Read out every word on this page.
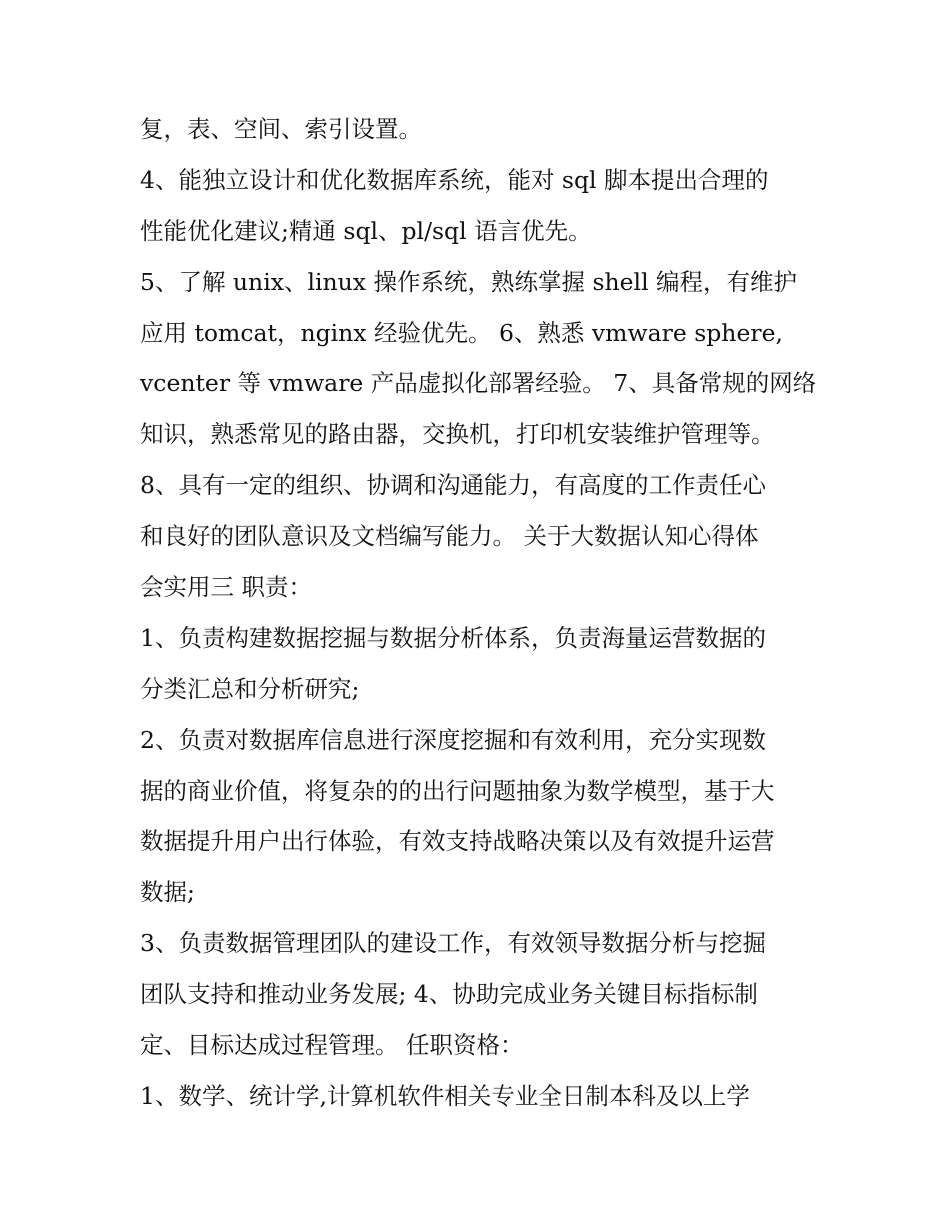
复，表、空间、索引设置。
4、能独立设计和优化数据库系统，能对 sql 脚本提出合理的
性能优化建议;精通 sql、pl/sql 语言优先。
5、了解 unix、linux 操作系统，熟练掌握 shell 编程，有维护
应用 tomcat，nginx 经验优先。 6、熟悉 vmware sphere,
vcenter 等 vmware 产品虚拟化部署经验。 7、具备常规的网络
知识，熟悉常见的路由器，交换机，打印机安装维护管理等。
8、具有一定的组织、协调和沟通能力，有高度的工作责任心
和良好的团队意识及文档编写能力。 关于大数据认知心得体
会实用三 职责：
1、负责构建数据挖掘与数据分析体系，负责海量运营数据的
分类汇总和分析研究;
2、负责对数据库信息进行深度挖掘和有效利用，充分实现数
据的商业价值，将复杂的的出行问题抽象为数学模型，基于大
数据提升用户出行体验，有效支持战略决策以及有效提升运营
数据;
3、负责数据管理团队的建设工作，有效领导数据分析与挖掘
团队支持和推动业务发展; 4、协助完成业务关键目标指标制
定、目标达成过程管理。 任职资格：
1、数学、统计学,计算机软件相关专业全日制本科及以上学
